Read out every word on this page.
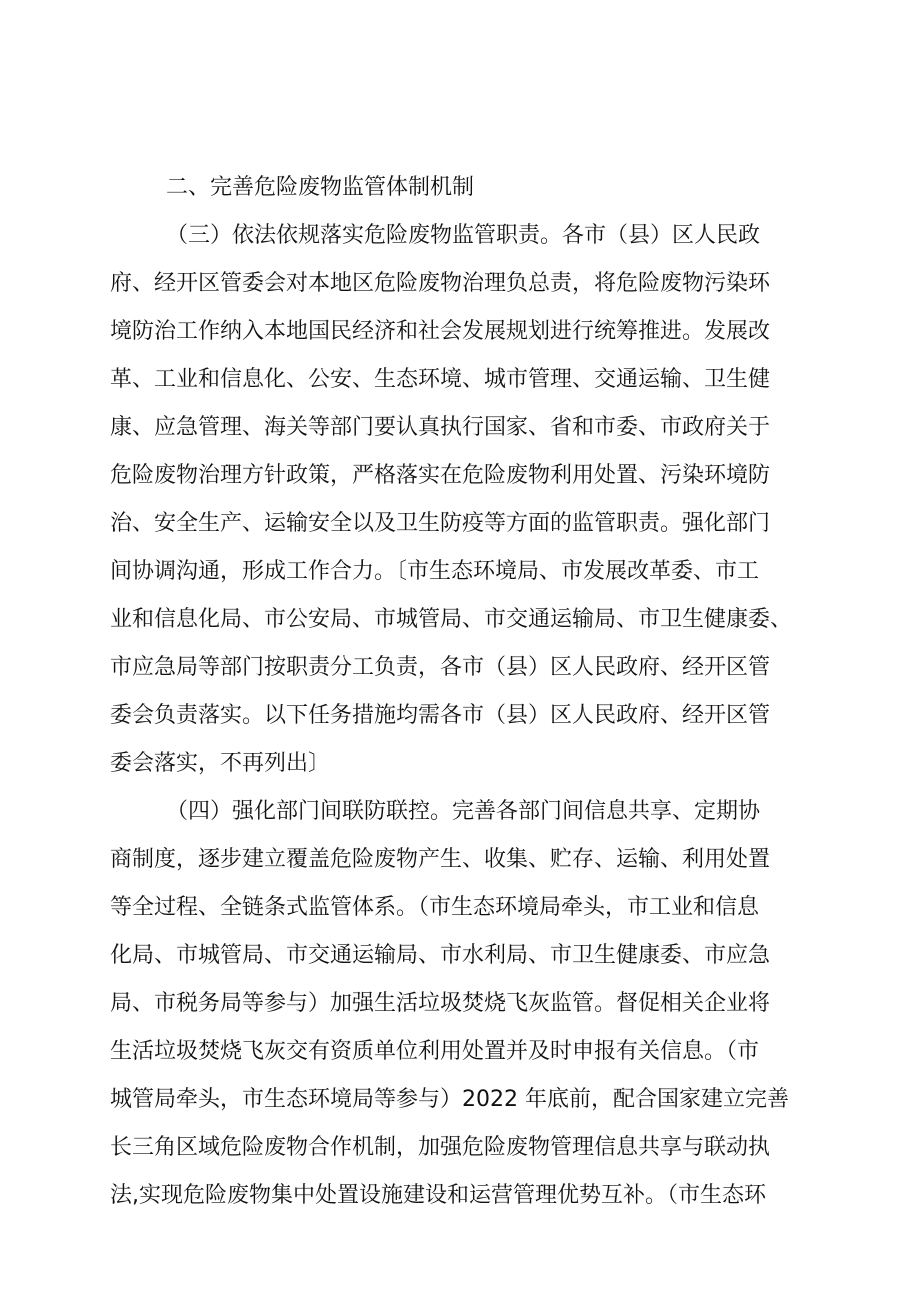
二、完善危险废物监管体制机制
（三）依法依规落实危险废物监管职责。各市（县）区人民政
府、经开区管委会对本地区危险废物治理负总责，将危险废物污染环
境防治工作纳入本地国民经济和社会发展规划进行统筹推进。发展改
革、工业和信息化、公安、生态环境、城市管理、交通运输、卫生健
康、应急管理、海关等部门要认真执行国家、省和市委、市政府关于
危险废物治理方针政策，严格落实在危险废物利用处置、污染环境防
治、安全生产、运输安全以及卫生防疫等方面的监管职责。强化部门
间协调沟通，形成工作合力。〔市生态环境局、市发展改革委、市工
业和信息化局、市公安局、市城管局、市交通运输局、市卫生健康委、
市应急局等部门按职责分工负责，各市（县）区人民政府、经开区管
委会负责落实。以下任务措施均需各市（县）区人民政府、经开区管
委会落实，不再列出〕
（四）强化部门间联防联控。完善各部门间信息共享、定期协
商制度，逐步建立覆盖危险废物产生、收集、贮存、运输、利用处置
等全过程、全链条式监管体系。（市生态环境局牵头，市工业和信息
化局、市城管局、市交通运输局、市水利局、市卫生健康委、市应急
局、市税务局等参与）加强生活垃圾焚烧飞灰监管。督促相关企业将
生活垃圾焚烧飞灰交有资质单位利用处置并及时申报有关信息。（市
城管局牵头，市生态环境局等参与）2022 年底前，配合国家建立完善
长三角区域危险废物合作机制，加强危险废物管理信息共享与联动执
法,实现危险废物集中处置设施建设和运营管理优势互补。（市生态环
